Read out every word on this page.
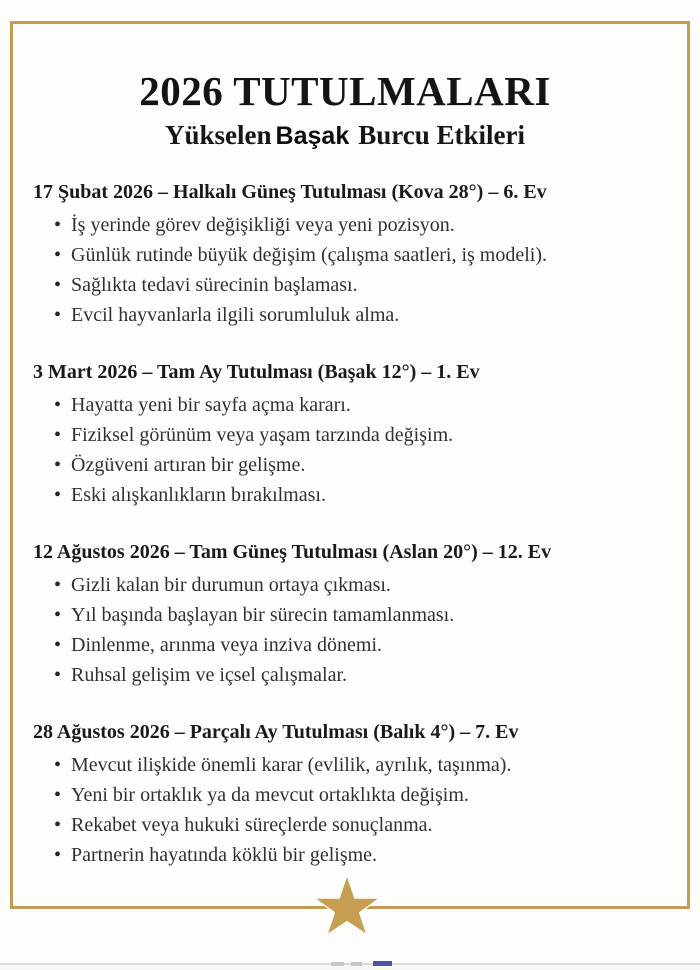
2026 TUTULMALARI
Yükselen Başak Burcu Etkileri
17 Şubat 2026 – Halkalı Güneş Tutulması (Kova 28°) – 6. Ev
• İş yerinde görev değişikliği veya yeni pozisyon.
• Günlük rutinde büyük değişim (çalışma saatleri, iş modeli).
• Sağlıkta tedavi sürecinin başlaması.
• Evcil hayvanlarla ilgili sorumluluk alma.
3 Mart 2026 – Tam Ay Tutulması (Başak 12°) – 1. Ev
• Hayatta yeni bir sayfa açma kararı.
• Fiziksel görünüm veya yaşam tarzında değişim.
• Özgüveni artıran bir gelişme.
• Eski alışkanlıkların bırakılması.
12 Ağustos 2026 – Tam Güneş Tutulması (Aslan 20°) – 12. Ev
• Gizli kalan bir durumun ortaya çıkması.
• Yıl başında başlayan bir sürecin tamamlanması.
• Dinlenme, arınma veya inziva dönemi.
• Ruhsal gelişim ve içsel çalışmalar.
28 Ağustos 2026 – Parçalı Ay Tutulması (Balık 4°) – 7. Ev
• Mevcut ilişkide önemli karar (evlilik, ayrılık, taşınma).
• Yeni bir ortaklık ya da mevcut ortaklıkta değişim.
• Rekabet veya hukuki süreçlerde sonuçlanma.
• Partnerin hayatında köklü bir gelişme.
